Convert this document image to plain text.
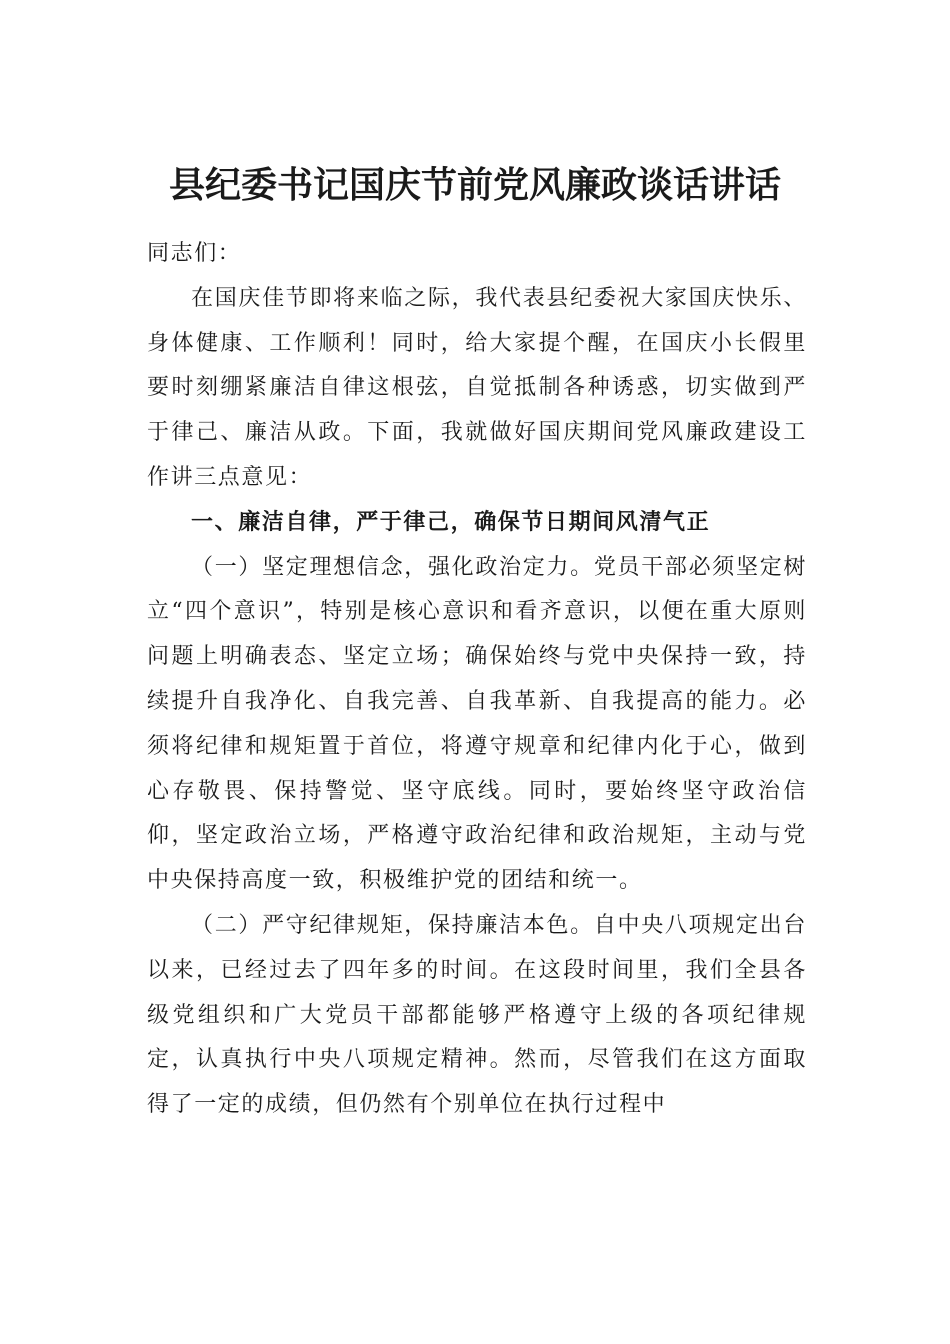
县纪委书记国庆节前党风廉政谈话讲话

同志们：

在国庆佳节即将来临之际，我代表县纪委祝大家国庆快乐、身体健康、工作顺利！同时，给大家提个醒，在国庆小长假里要时刻绷紧廉洁自律这根弦，自觉抵制各种诱惑，切实做到严于律己、廉洁从政。下面，我就做好国庆期间党风廉政建设工作讲三点意见：

一、廉洁自律，严于律己，确保节日期间风清气正

（一）坚定理想信念，强化政治定力。党员干部必须坚定树立“四个意识”，特别是核心意识和看齐意识，以便在重大原则问题上明确表态、坚定立场；确保始终与党中央保持一致，持续提升自我净化、自我完善、自我革新、自我提高的能力。必须将纪律和规矩置于首位，将遵守规章和纪律内化于心，做到心存敬畏、保持警觉、坚守底线。同时，要始终坚守政治信仰，坚定政治立场，严格遵守政治纪律和政治规矩，主动与党中央保持高度一致，积极维护党的团结和统一。

（二）严守纪律规矩，保持廉洁本色。自中央八项规定出台以来，已经过去了四年多的时间。在这段时间里，我们全县各级党组织和广大党员干部都能够严格遵守上级的各项纪律规定，认真执行中央八项规定精神。然而，尽管我们在这方面取得了一定的成绩，但仍然有个别单位在执行过程中
